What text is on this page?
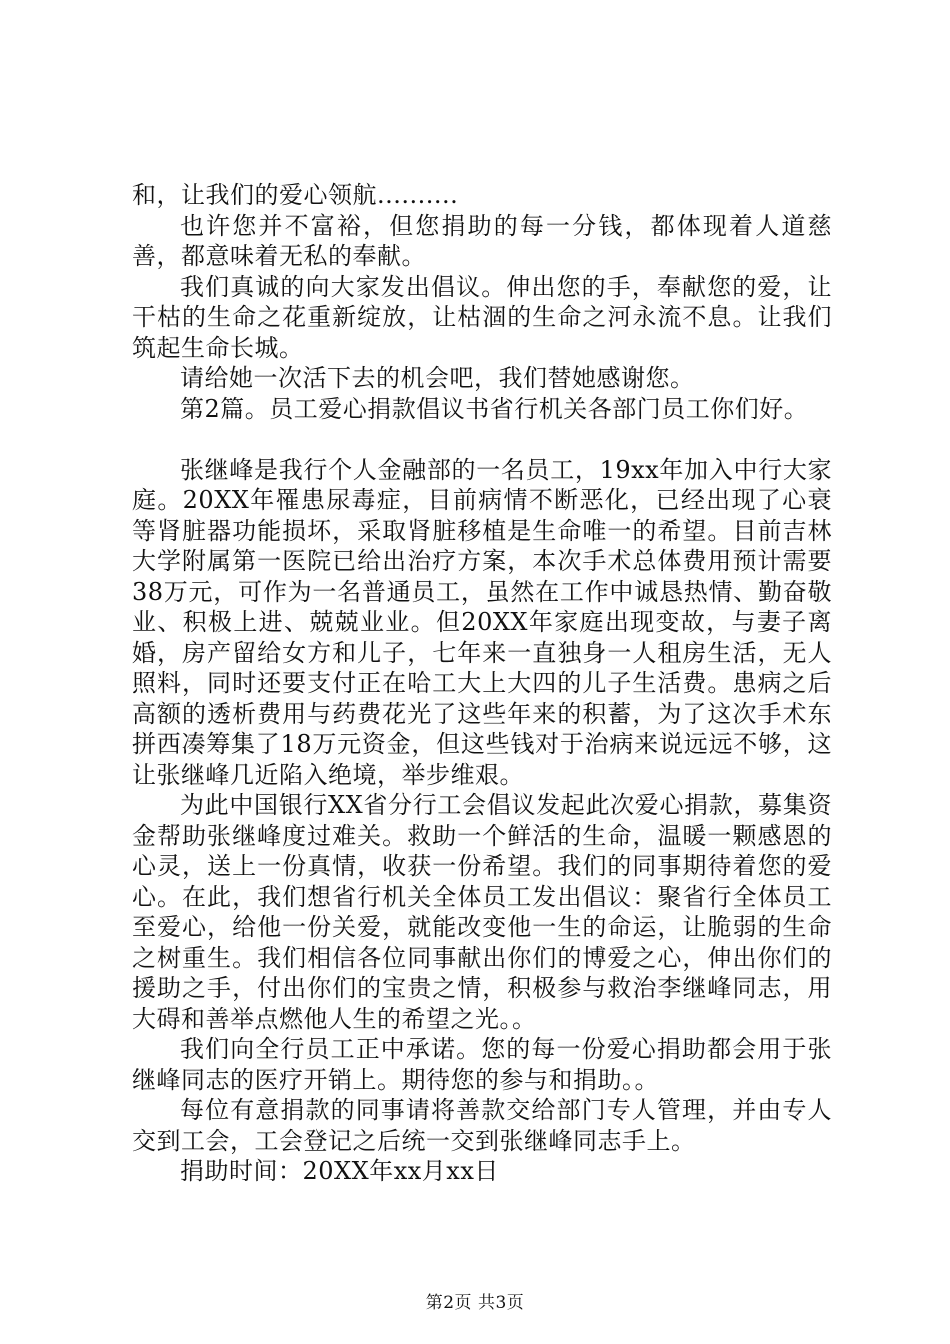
和，让我们的爱心领航..........

也许您并不富裕，但您捐助的每一分钱，都体现着人道慈善，都意味着无私的奉献。

我们真诚的向大家发出倡议。伸出您的手，奉献您的爱，让干枯的生命之花重新绽放，让枯涸的生命之河永流不息。让我们筑起生命长城。

请给她一次活下去的机会吧，我们替她感谢您。

第2篇。员工爱心捐款倡议书省行机关各部门员工你们好。

张继峰是我行个人金融部的一名员工，19xx年加入中行大家庭。20XX年罹患尿毒症，目前病情不断恶化，已经出现了心衰等肾脏器功能损坏，采取肾脏移植是生命唯一的希望。目前吉林大学附属第一医院已给出治疗方案，本次手术总体费用预计需要38万元，可作为一名普通员工，虽然在工作中诚恳热情、勤奋敬业、积极上进、兢兢业业。但20XX年家庭出现变故，与妻子离婚，房产留给女方和儿子，七年来一直独身一人租房生活，无人照料，同时还要支付正在哈工大上大四的儿子生活费。患病之后高额的透析费用与药费花光了这些年来的积蓄，为了这次手术东拼西凑筹集了18万元资金，但这些钱对于治病来说远远不够，这让张继峰几近陷入绝境，举步维艰。

为此中国银行XX省分行工会倡议发起此次爱心捐款，募集资金帮助张继峰度过难关。救助一个鲜活的生命，温暖一颗感恩的心灵，送上一份真情，收获一份希望。我们的同事期待着您的爱心。在此，我们想省行机关全体员工发出倡议：聚省行全体员工至爱心，给他一份关爱，就能改变他一生的命运，让脆弱的生命之树重生。我们相信各位同事献出你们的博爱之心，伸出你们的援助之手，付出你们的宝贵之情，积极参与救治李继峰同志，用大碍和善举点燃他人生的希望之光。。

我们向全行员工正中承诺。您的每一份爱心捐助都会用于张继峰同志的医疗开销上。期待您的参与和捐助。。

每位有意捐款的同事请将善款交给部门专人管理，并由专人交到工会，工会登记之后统一交到张继峰同志手上。

捐助时间：20XX年xx月xx日

第2页 共3页
